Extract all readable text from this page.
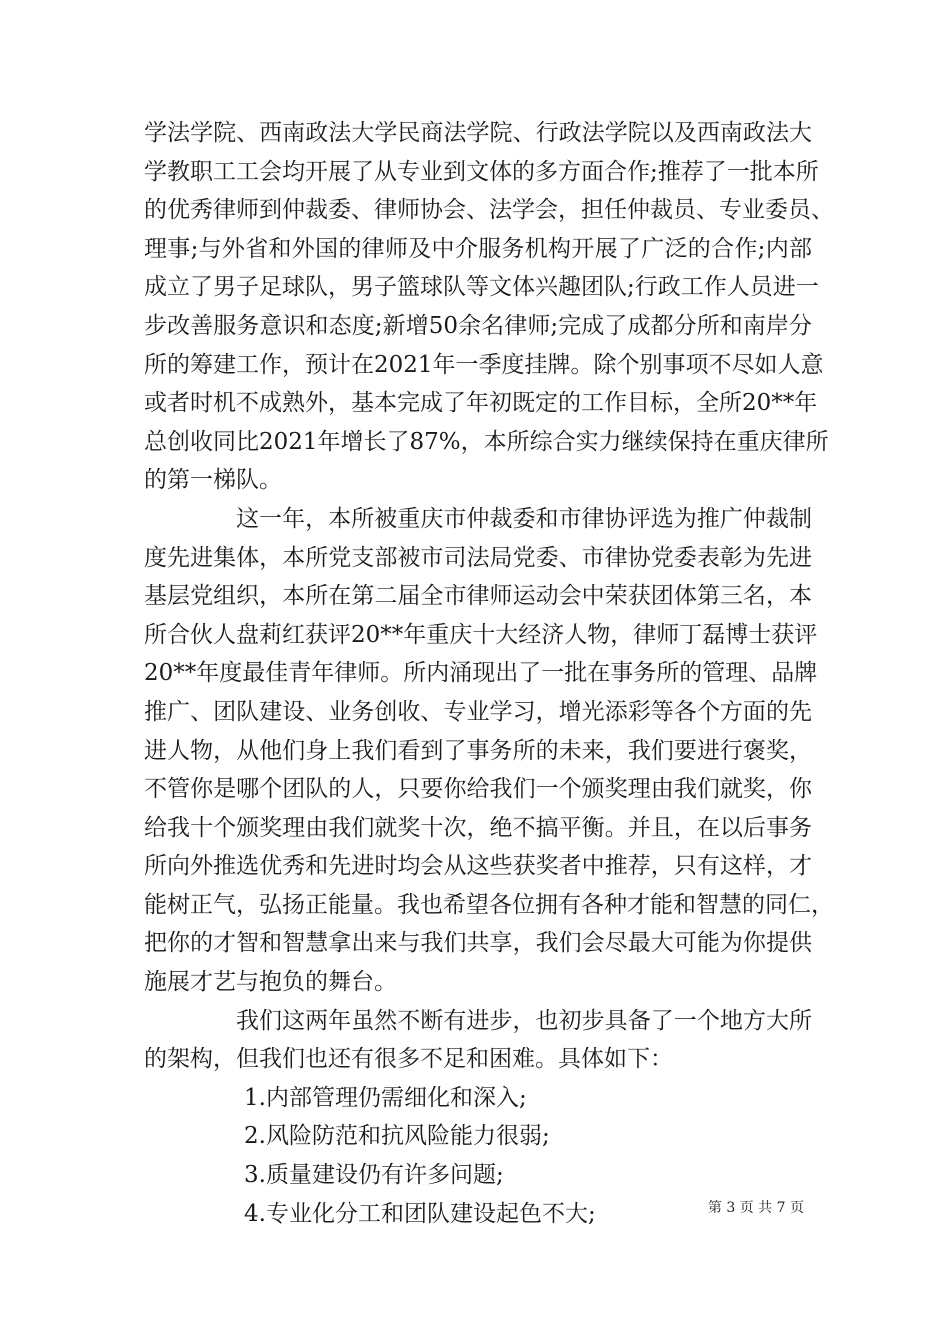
学法学院、西南政法大学民商法学院、行政法学院以及西南政法大
学教职工工会均开展了从专业到文体的多方面合作;推荐了一批本所
的优秀律师到仲裁委、律师协会、法学会，担任仲裁员、专业委员、
理事;与外省和外国的律师及中介服务机构开展了广泛的合作;内部
成立了男子足球队，男子篮球队等文体兴趣团队;行政工作人员进一
步改善服务意识和态度;新增50余名律师;完成了成都分所和南岸分
所的筹建工作，预计在2021年一季度挂牌。除个别事项不尽如人意
或者时机不成熟外，基本完成了年初既定的工作目标，全所20**年
总创收同比2021年增长了87%，本所综合实力继续保持在重庆律所
的第一梯队。
这一年，本所被重庆市仲裁委和市律协评选为推广仲裁制
度先进集体，本所党支部被市司法局党委、市律协党委表彰为先进
基层党组织，本所在第二届全市律师运动会中荣获团体第三名，本
所合伙人盘莉红获评20**年重庆十大经济人物，律师丁磊博士获评
20**年度最佳青年律师。所内涌现出了一批在事务所的管理、品牌
推广、团队建设、业务创收、专业学习，增光添彩等各个方面的先
进人物，从他们身上我们看到了事务所的未来，我们要进行褒奖，
不管你是哪个团队的人，只要你给我们一个颁奖理由我们就奖，你
给我十个颁奖理由我们就奖十次，绝不搞平衡。并且，在以后事务
所向外推选优秀和先进时均会从这些获奖者中推荐，只有这样，才
能树正气，弘扬正能量。我也希望各位拥有各种才能和智慧的同仁，
把你的才智和智慧拿出来与我们共享，我们会尽最大可能为你提供
施展才艺与抱负的舞台。
我们这两年虽然不断有进步，也初步具备了一个地方大所
的架构，但我们也还有很多不足和困难。具体如下：
1.内部管理仍需细化和深入;
2.风险防范和抗风险能力很弱;
3.质量建设仍有许多问题;
4.专业化分工和团队建设起色不大;	第 3 页 共 7 页
